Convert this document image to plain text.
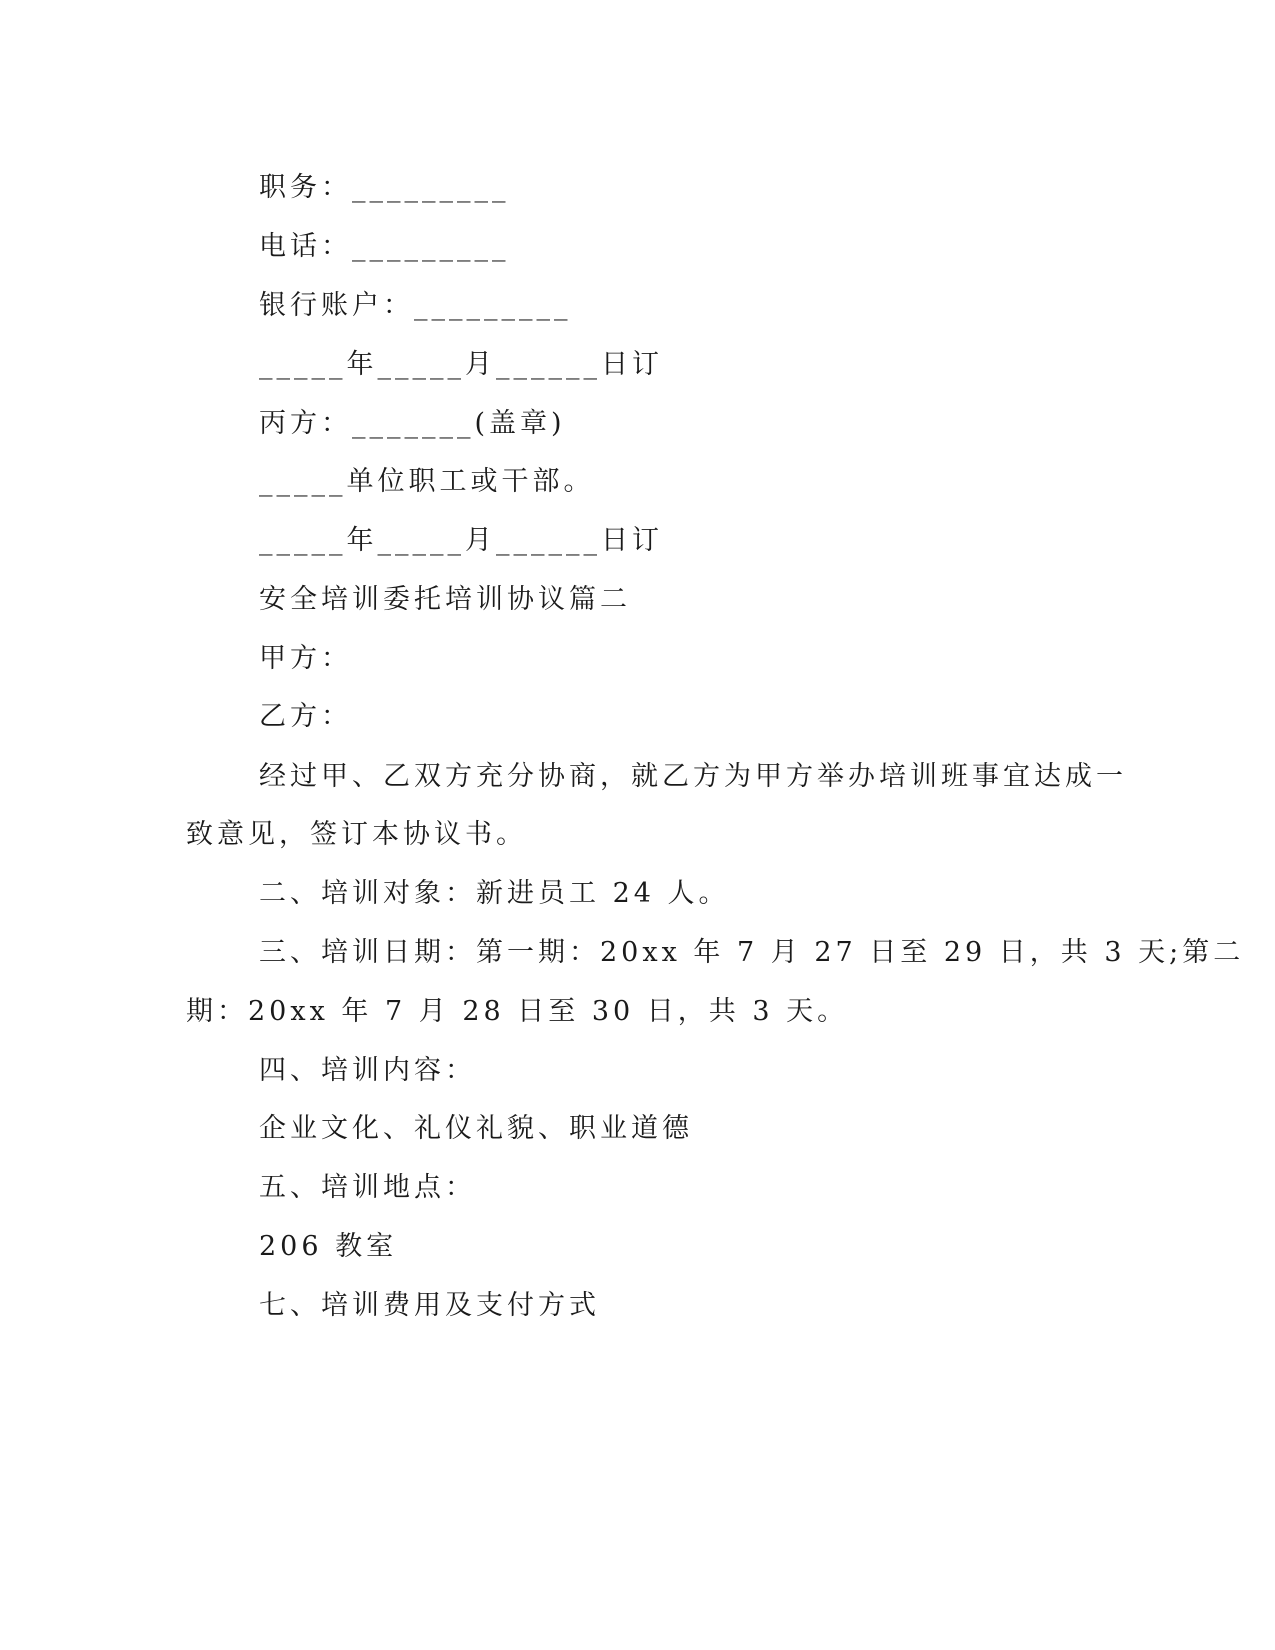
职务：_________
电话：_________
银行账户：_________
_____年_____月______日订
丙方：_______(盖章)
_____单位职工或干部。
_____年_____月______日订
安全培训委托培训协议篇二
甲方：
乙方：
经过甲、乙双方充分协商，就乙方为甲方举办培训班事宜达成一
致意见，签订本协议书。
二、培训对象：新进员工 24 人。
三、培训日期：第一期：20xx 年 7 月 27 日至 29 日，共 3 天;第二
期：20xx 年 7 月 28 日至 30 日，共 3 天。
四、培训内容：
企业文化、礼仪礼貌、职业道德
五、培训地点：
206 教室
七、培训费用及支付方式
